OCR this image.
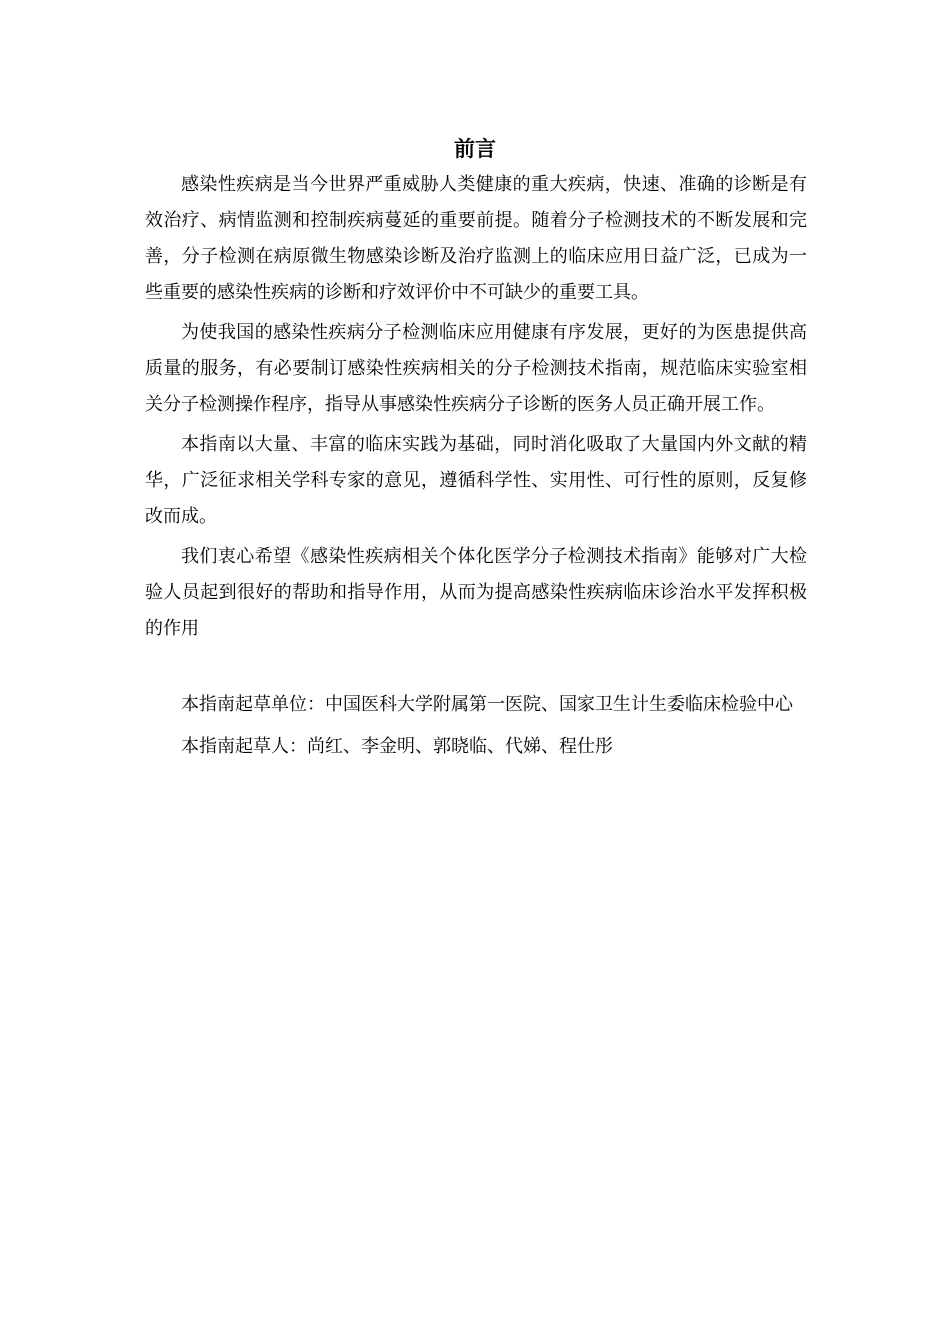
前言

感染性疾病是当今世界严重威胁人类健康的重大疾病，快速、准确的诊断是有效治疗、病情监测和控制疾病蔓延的重要前提。随着分子检测技术的不断发展和完善，分子检测在病原微生物感染诊断及治疗监测上的临床应用日益广泛，已成为一些重要的感染性疾病的诊断和疗效评价中不可缺少的重要工具。

为使我国的感染性疾病分子检测临床应用健康有序发展，更好的为医患提供高质量的服务，有必要制订感染性疾病相关的分子检测技术指南，规范临床实验室相关分子检测操作程序，指导从事感染性疾病分子诊断的医务人员正确开展工作。

本指南以大量、丰富的临床实践为基础，同时消化吸取了大量国内外文献的精华，广泛征求相关学科专家的意见，遵循科学性、实用性、可行性的原则，反复修改而成。

我们衷心希望《感染性疾病相关个体化医学分子检测技术指南》能够对广大检验人员起到很好的帮助和指导作用，从而为提高感染性疾病临床诊治水平发挥积极的作用

本指南起草单位：中国医科大学附属第一医院、国家卫生计生委临床检验中心

本指南起草人：尚红、李金明、郭晓临、代娣、程仕彤
